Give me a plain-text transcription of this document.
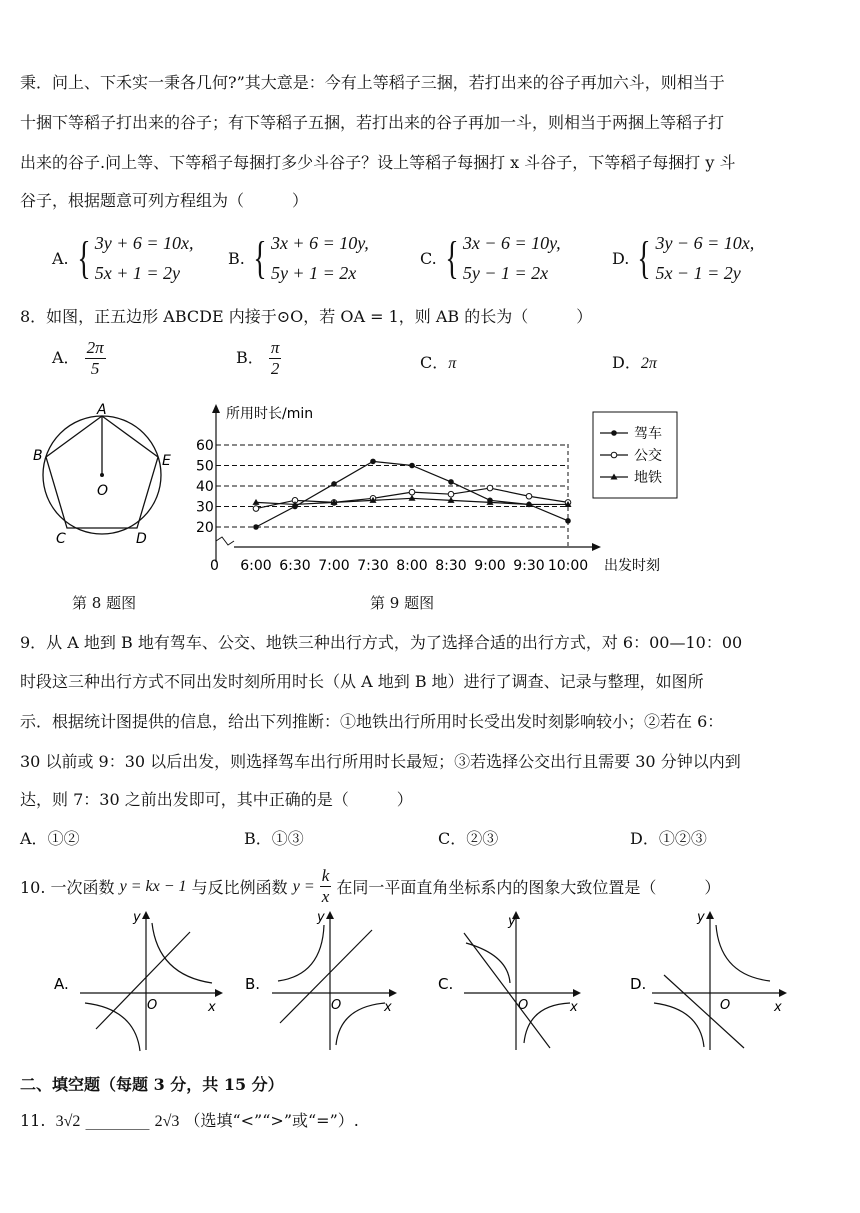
秉．问上、下禾实一秉各几何?”其大意是：今有上等稻子三捆，若打出来的谷子再加六斗，则相当于
十捆下等稻子打出来的谷子；有下等稻子五捆，若打出来的谷子再加一斗，则相当于两捆上等稻子打
出来的谷子.问上等、下等稻子每捆打多少斗谷子？设上等稻子每捆打 x 斗谷子，下等稻子每捆打 y 斗
谷子，根据题意可列方程组为（　　　）
A. { 3y + 6 = 10x,
5x + 1 = 2y
B. { 3x + 6 = 10y,
5y + 1 = 2x
C. { 3x − 6 = 10y,
5y − 1 = 2x
D. { 3y − 6 = 10x,
5x − 1 = 2y
8．如图，正五边形 ABCDE 内接于⊙O，若 OA = 1，则 AB 的长为（　　　）
A． $\frac{2\pi}{5}$	B． $\frac{\pi}{2}$	C．π	D．2π
A
B
C	D
E
O
第 8 题图
所用时长/min
出发时刻
0
20
30
40
50
60
6:00 6:30 7:00 7:30 8:00 8:30 9:00 9:30 10:00
驾车
公交
地铁
第 9 题图
9．从 A 地到 B 地有驾车、公交、地铁三种出行方式，为了选择合适的出行方式，对 6：00—10：00
时段这三种出行方式不同出发时刻所用时长（从 A 地到 B 地）进行了调查、记录与整理，如图所
示．根据统计图提供的信息，给出下列推断：①地铁出行所用时长受出发时刻影响较小；②若在 6：
30 以前或 9：30 以后出发，则选择驾车出行所用时长最短；③若选择公交出行且需要 30 分钟以内到
达，则 7：30 之前出发即可，其中正确的是（　　　）
A．①②	B．①③	C．②③	D．①②③
10. 一次函数
y = kx − 1
与反比例函数
y =
$\frac{k}{x}$
在同一平面直角坐标系内的图象大致位置是（　　　）
A.
y
x
O
B.
y
x
O
C.
y
x
O
D.
y
x
O
二、填空题（每题 3 分，共 15 分）
11. 3√2 ________ 2√3 （选填“<”“>”或“=”）.
